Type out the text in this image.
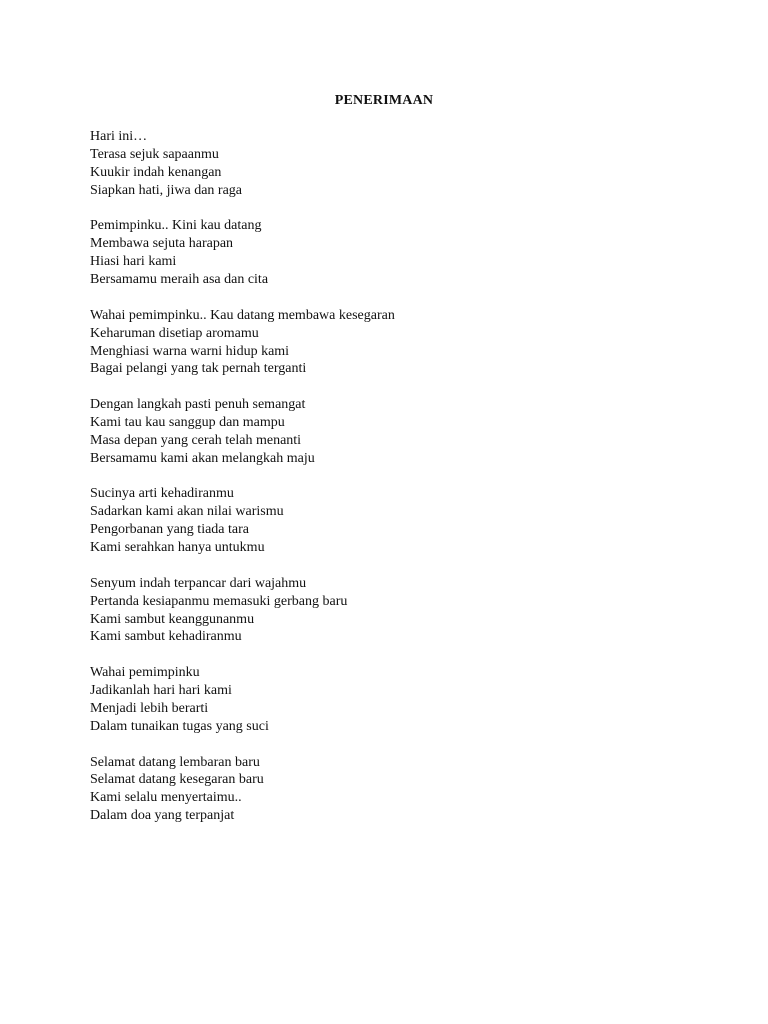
PENERIMAAN
Hari ini…
Terasa sejuk sapaanmu
Kuukir indah kenangan
Siapkan hati, jiwa dan raga
Pemimpinku.. Kini kau datang
Membawa sejuta harapan
Hiasi hari kami
Bersamamu meraih asa dan cita
Wahai pemimpinku.. Kau datang membawa kesegaran
Keharuman disetiap aromamu
Menghiasi warna warni hidup kami
Bagai pelangi yang tak pernah terganti
Dengan langkah pasti penuh semangat
Kami tau kau sanggup dan mampu
Masa depan yang cerah telah menanti
Bersamamu kami akan melangkah maju
Sucinya arti kehadiranmu
Sadarkan kami akan nilai warismu
Pengorbanan yang tiada tara
Kami serahkan hanya untukmu
Senyum indah terpancar dari wajahmu
Pertanda kesiapanmu memasuki gerbang baru
Kami sambut keanggunanmu
Kami sambut kehadiranmu
Wahai pemimpinku
Jadikanlah hari hari kami
Menjadi lebih berarti
Dalam tunaikan tugas yang suci
Selamat datang lembaran baru
Selamat datang kesegaran baru
Kami selalu menyertaimu..
Dalam doa yang terpanjat
